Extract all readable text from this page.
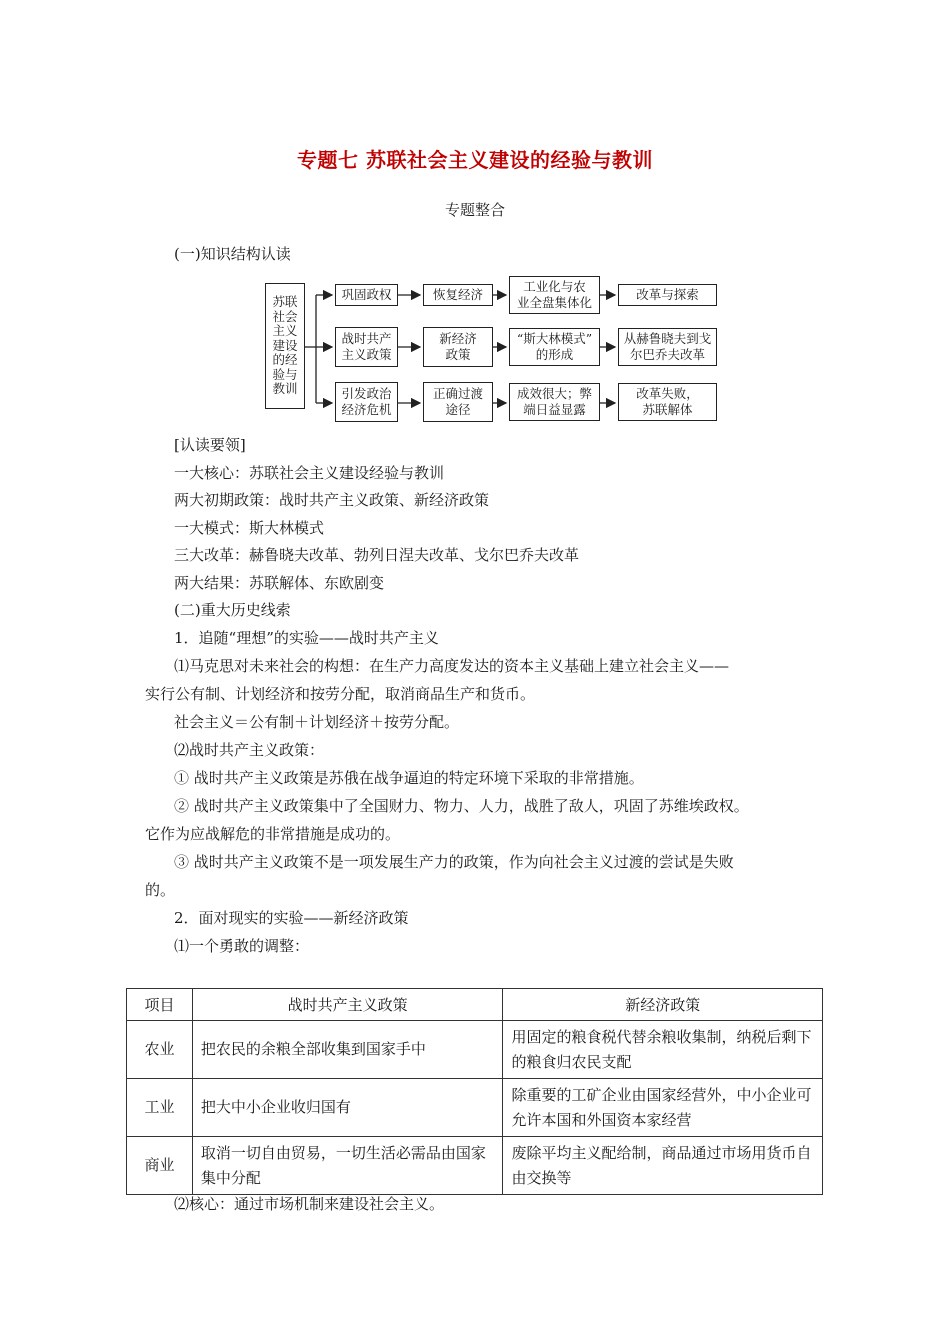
专题七 苏联社会主义建设的经验与教训
专题整合
(一)知识结构认读
苏联
社会
主义
建设
的经
验与
教训
巩固政权	恢复经济
工业化与农
业全盘集体化
改革与探索
战时共产
主义政策
新经济
政策
“斯大林模式”
的形成
从赫鲁晓夫到戈
尔巴乔夫改革
引发政治
经济危机
正确过渡
途径
成效很大；弊
端日益显露
改革失败，
苏联解体
[认读要领]
一大核心：苏联社会主义建设经验与教训
两大初期政策：战时共产主义政策、新经济政策
一大模式：斯大林模式
三大改革：赫鲁晓夫改革、勃列日涅夫改革、戈尔巴乔夫改革
两大结果：苏联解体、东欧剧变
(二)重大历史线索
1．追随“理想”的实验——战时共产主义
⑴马克思对未来社会的构想：在生产力高度发达的资本主义基础上建立社会主义——
实行公有制、计划经济和按劳分配，取消商品生产和货币。
社会主义＝公有制＋计划经济＋按劳分配。
⑵战时共产主义政策：
① 战时共产主义政策是苏俄在战争逼迫的特定环境下采取的非常措施。
② 战时共产主义政策集中了全国财力、物力、人力，战胜了敌人，巩固了苏维埃政权。
它作为应战解危的非常措施是成功的。
③ 战时共产主义政策不是一项发展生产力的政策，作为向社会主义过渡的尝试是失败
的。
2．面对现实的实验——新经济政策
⑴一个勇敢的调整：
项目	战时共产主义政策	新经济政策
农业	把农民的余粮全部收集到国家手中	用固定的粮食税代替余粮收集制，纳税后剩下的粮食归农民支配
工业	把大中小企业收归国有	除重要的工矿企业由国家经营外，中小企业可允许本国和外国资本家经营
商业	取消一切自由贸易，一切生活必需品由国家集中分配	废除平均主义配给制，商品通过市场用货币自由交换等
⑵核心：通过市场机制来建设社会主义。
